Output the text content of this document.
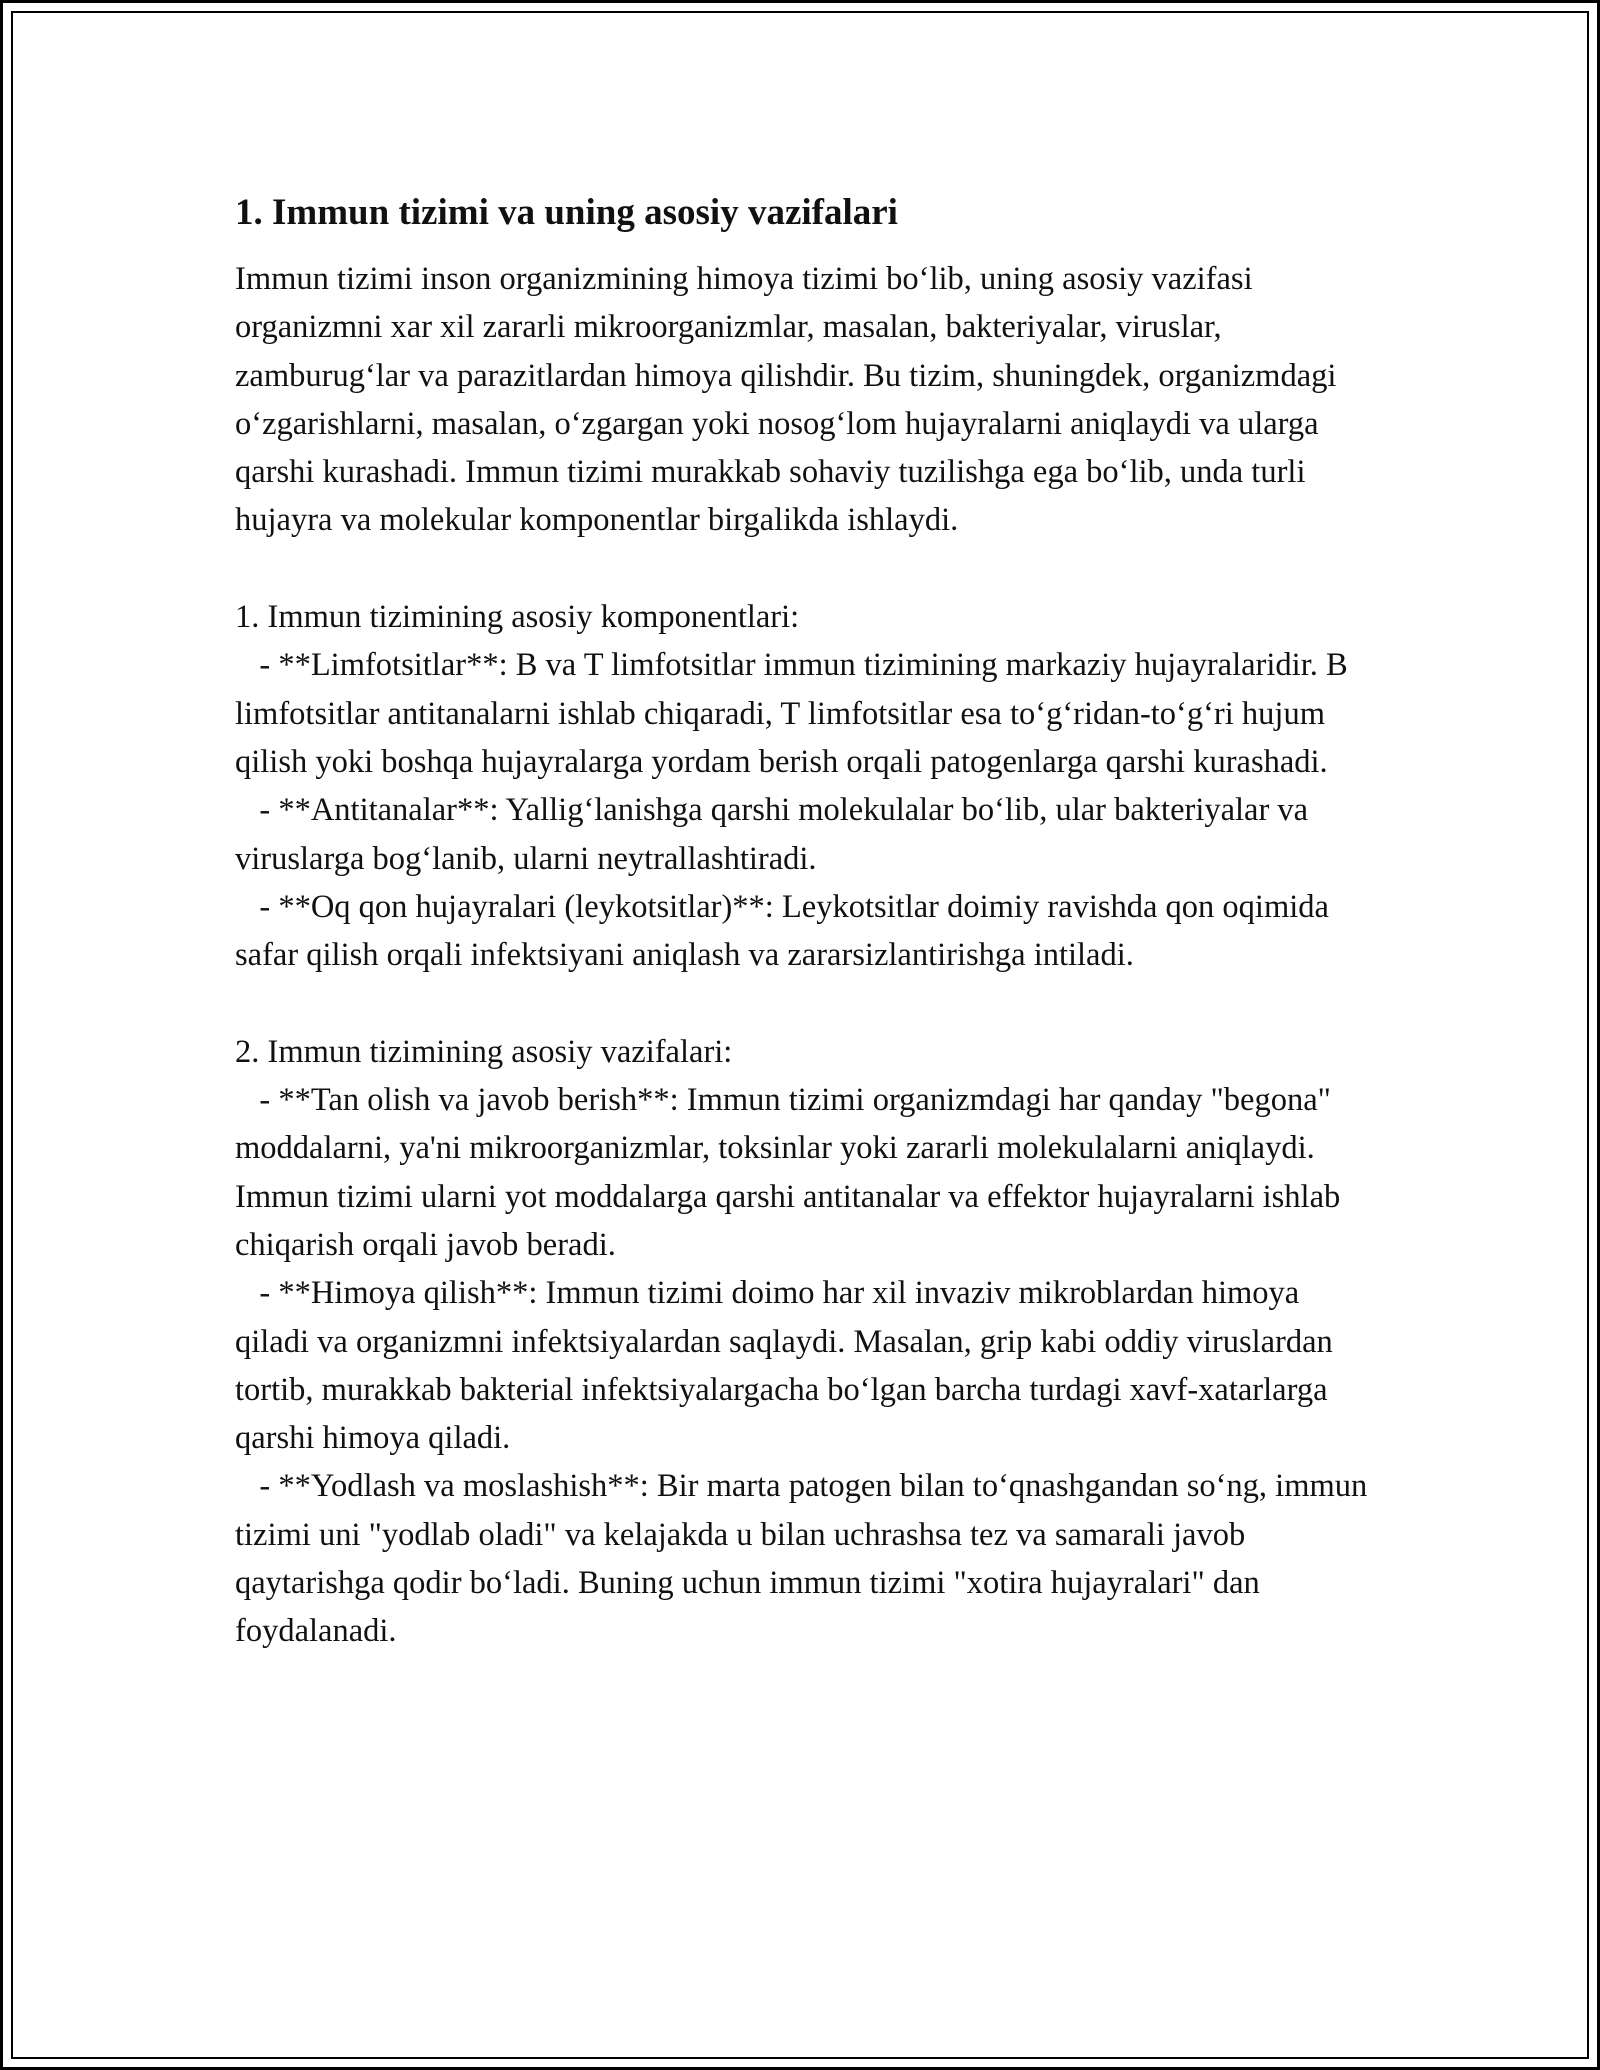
1. Immun tizimi va uning asosiy vazifalari

Immun tizimi inson organizmining himoya tizimi bo‘lib, uning asosiy vazifasi organizmni xar xil zararli mikroorganizmlar, masalan, bakteriyalar, viruslar, zamburug‘lar va parazitlardan himoya qilishdir. Bu tizim, shuningdek, organizmdagi o‘zgarishlarni, masalan, o‘zgargan yoki nosog‘lom hujayralarni aniqlaydi va ularga qarshi kurashadi. Immun tizimi murakkab sohaviy tuzilishga ega bo‘lib, unda turli hujayra va molekular komponentlar birgalikda ishlaydi.

1. Immun tizimining asosiy komponentlari:

- **Limfotsitlar**: B va T limfotsitlar immun tizimining markaziy hujayralaridir. B limfotsitlar antitanalarni ishlab chiqaradi, T limfotsitlar esa to‘g‘ridan-to‘g‘ri hujum qilish yoki boshqa hujayralarga yordam berish orqali patogenlarga qarshi kurashadi.

- **Antitanalar**: Yallig‘lanishga qarshi molekulalar bo‘lib, ular bakteriyalar va viruslarga bog‘lanib, ularni neytrallashtiradi.

- **Oq qon hujayralari (leykotsitlar)**: Leykotsitlar doimiy ravishda qon oqimida safar qilish orqali infektsiyani aniqlash va zararsizlantirishga intiladi.

2. Immun tizimining asosiy vazifalari:

- **Tan olish va javob berish**: Immun tizimi organizmdagi har qanday "begona" moddalarni, ya'ni mikroorganizmlar, toksinlar yoki zararli molekulalarni aniqlaydi. Immun tizimi ularni yot moddalarga qarshi antitanalar va effektor hujayralarni ishlab chiqarish orqali javob beradi.

- **Himoya qilish**: Immun tizimi doimo har xil invaziv mikroblardan himoya qiladi va organizmni infektsiyalardan saqlaydi. Masalan, grip kabi oddiy viruslardan tortib, murakkab bakterial infektsiyalargacha bo‘lgan barcha turdagi xavf-xatarlarga qarshi himoya qiladi.

- **Yodlash va moslashish**: Bir marta patogen bilan to‘qnashgandan so‘ng, immun tizimi uni "yodlab oladi" va kelajakda u bilan uchrashsa tez va samarali javob qaytarishga qodir bo‘ladi. Buning uchun immun tizimi "xotira hujayralari" dan foydalanadi.
